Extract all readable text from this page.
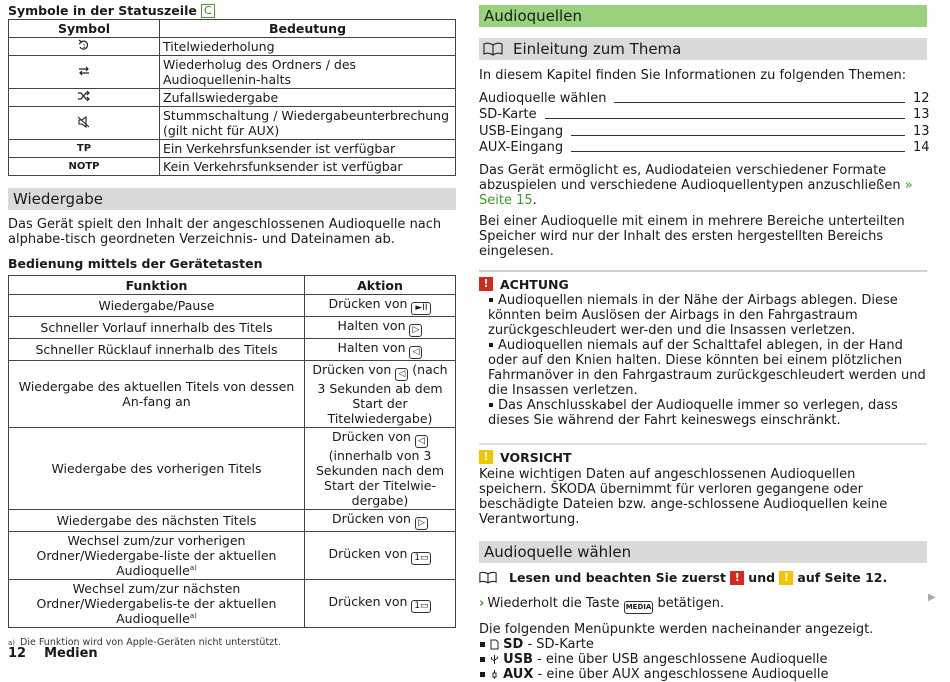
Symbole in der Statuszeile C
Symbol	Bedeutung

1	Titelwiederholung
	Wiederholug des Ordners / des Audioquellenin-halts
	Zufallswiedergabe
	Stummschaltung / Wiedergabeunterbrechung (gilt nicht für AUX)
TP	Ein Verkehrsfunksender ist verfügbar
NOTP	Kein Verkehrsfunksender ist verfügbar
Wiedergabe

Das Gerät spielt den Inhalt der angeschlossenen Audioquelle nach alphabe-tisch geordneten Verzeichnis- und Dateinamen ab.

Bedienung mittels der Gerätetasten
Funktion	Aktion
Wiedergabe/Pause	Drücken von ►II
Schneller Vorlauf innerhalb des Titels	Halten von ▷
Schneller Rücklauf innerhalb des Titels	Halten von ◁
Wiedergabe des aktuellen Titels von dessen An-fang an	Drücken von ◁ (nach 3 Sekunden ab dem Start der Titelwiedergabe)
Wiedergabe des vorherigen Titels	Drücken von ◁ (innerhalb von 3 Sekunden nach dem Start der Titelwie-dergabe)
Wiedergabe des nächsten Titels	Drücken von ▷
Wechsel zum/zur vorherigen Ordner/Wiedergabe-liste der aktuellen Audioquelle$^{a)}$	Drücken von 1▭
Wechsel zum/zur nächsten Ordner/Wiedergabelis-te der aktuellen Audioquelle$^{a)}$	Drücken von 1▭
a) Die Funktion wird von Apple-Geräten nicht unterstützt.
12 Medien
Audioquellen
Einleitung zum Thema

In diesem Kapitel finden Sie Informationen zu folgenden Themen:

Audioquelle wählen	12
SD-Karte	13
USB-Eingang	13
AUX-Eingang	14

Das Gerät ermöglicht es, Audiodateien verschiedener Formate abzuspielen und verschiedene Audioquellentypen anzuschließen » Seite 15.

Bei einer Audioquelle mit einem in mehrere Bereiche unterteilten Speicher wird nur der Inhalt des ersten hergestellten Bereichs eingelesen.

! ACHTUNG

Audioquellen niemals in der Nähe der Airbags ablegen. Diese könnten beim Auslösen der Airbags in den Fahrgastraum zurückgeschleudert wer-den und die Insassen verletzen.

Audioquellen niemals auf der Schalttafel ablegen, in der Hand oder auf den Knien halten. Diese könnten bei einem plötzlichen Fahrmanöver in den Fahrgastraum zurückgeschleudert werden und die Insassen verletzen.

Das Anschlusskabel der Audioquelle immer so verlegen, dass dieses Sie während der Fahrt keineswegs einschränkt.

! VORSICHT

Keine wichtigen Daten auf angeschlossenen Audioquellen speichern. ŠKODA übernimmt für verloren gegangene oder beschädigte Dateien bzw. ange-schlossene Audioquellen keine Verantwortung.

Audioquelle wählen
Lesen und beachten Sie zuerst
! und
! auf Seite 12.

› Wiederholt die Taste MEDIA betätigen.

Die folgenden Menüpunkte werden nacheinander angezeigt.

SD
- SD-Karte

USB
- eine über USB angeschlossene Audioquelle

AUX
- eine über AUX angeschlossene Audioquelle
▶
